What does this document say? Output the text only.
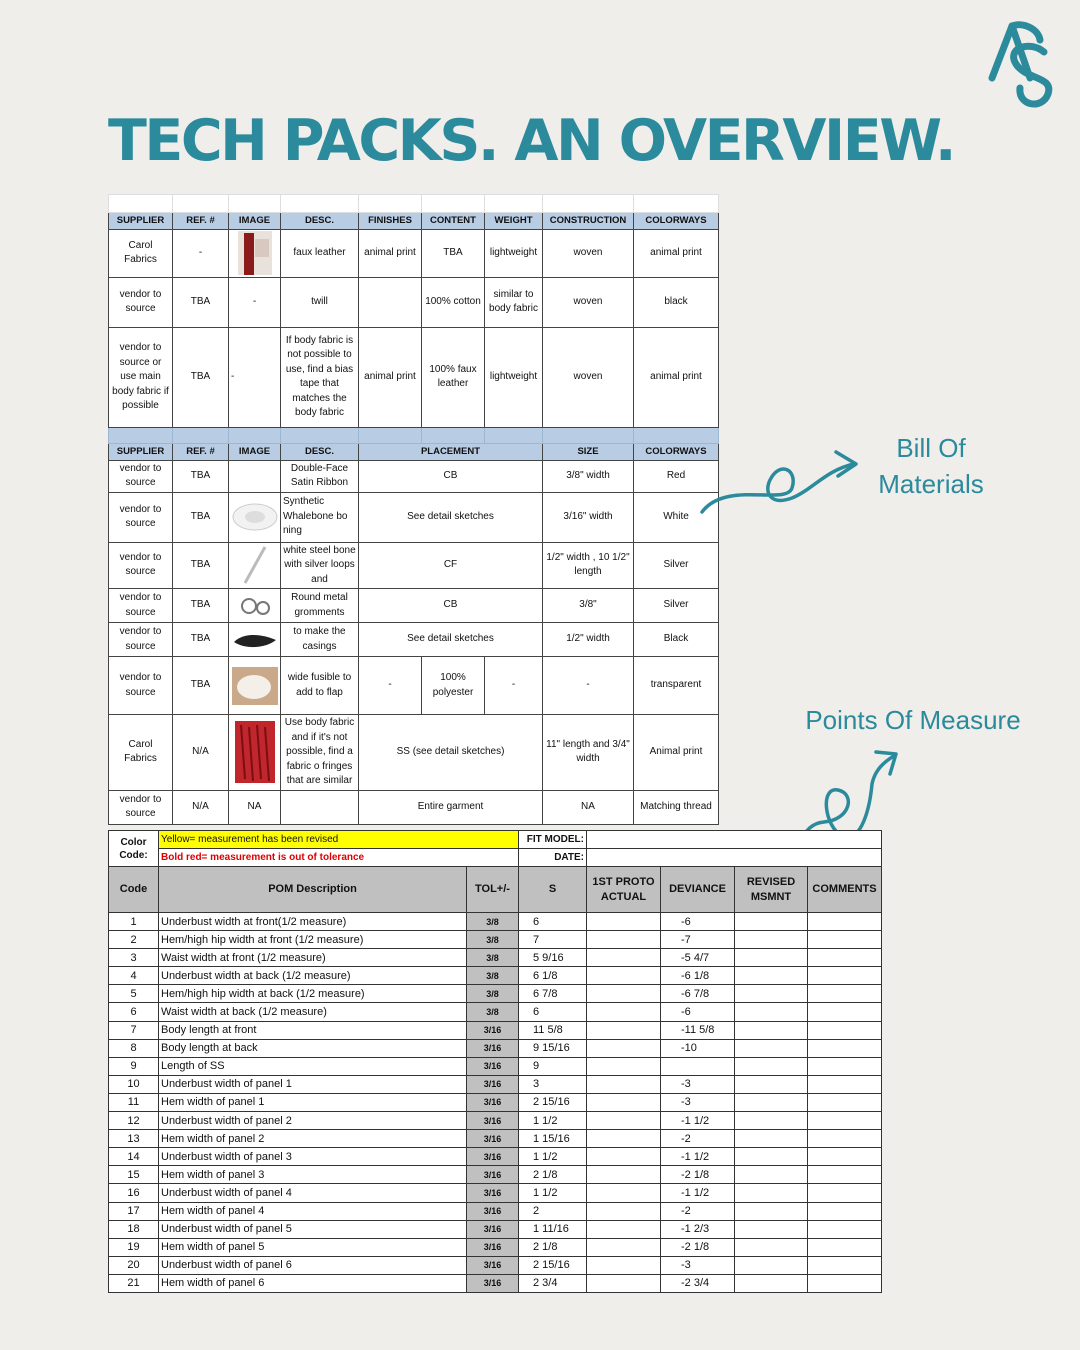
TECH PACKS. AN OVERVIEW.

SUPPLIER	REF. #	IMAGE	DESC.	FINISHES	CONTENT	WEIGHT	CONSTRUCTION	COLORWAYS
Carol Fabrics	-		faux leather	animal print	TBA	lightweight	woven	animal print
vendor to source	TBA	-	twill		100% cotton	similar to body fabric	woven	black
vendor to source or use main body fabric if possible	TBA	-	If body fabric is not possible to use, find a bias tape that matches the body fabric	animal print	100% faux leather	lightweight	woven	animal print

SUPPLIER	REF. #	IMAGE	DESC.	PLACEMENT			SIZE	COLORWAYS
vendor to source	TBA		Double-Face Satin Ribbon	CB			3/8" width	Red
vendor to source	TBA		Synthetic Whalebone bo ning	See detail sketches			3/16" width	White
vendor to source	TBA		white steel bone with silver loops and	CF			1/2" width , 10 1/2" length	Silver
vendor to source	TBA		Round metal gromments	CB			3/8"	Silver
vendor to source	TBA		to make the casings	See detail sketches			1/2" width	Black
vendor to source	TBA		wide fusible to add to flap	-	100% polyester	-	-	transparent
Carol Fabrics	N/A		Use body fabric and if it's not possible, find a fabric o fringes that are similar	SS (see detail sketches)			11" length and 3/4" width	Animal print
vendor to source	N/A	NA		Entire garment			NA	Matching thread
Bill Of
Materials
Points Of Measure
Color Code:	Yellow= measurement has been revised		FIT MODEL:				
	Bold red= measurement is out of tolerance		DATE:				
Code	POM Description	TOL+/-	S	1ST PROTO ACTUAL	DEVIANCE	REVISED MSMNT	COMMENTS
1	Underbust width at front(1/2 measure)	3/8	6		-6		
2	Hem/high hip width at front (1/2 measure)	3/8	7		-7		
3	Waist width at front (1/2 measure)	3/8	5 9/16		-5 4/7		
4	Underbust width at back (1/2 measure)	3/8	6 1/8		-6 1/8		
5	Hem/high hip width at back (1/2 measure)	3/8	6 7/8		-6 7/8		
6	Waist width at back (1/2 measure)	3/8	6		-6		
7	Body length at front	3/16	11 5/8		-11 5/8		
8	Body length at back	3/16	9 15/16		-10		
9	Length of SS	3/16	9				
10	Underbust width of panel 1	3/16	3		-3		
11	Hem width of panel 1	3/16	2 15/16		-3		
12	Underbust width of panel 2	3/16	1 1/2		-1 1/2		
13	Hem width of panel 2	3/16	1 15/16		-2		
14	Underbust width of panel 3	3/16	1 1/2		-1 1/2		
15	Hem width of panel 3	3/16	2 1/8		-2 1/8		
16	Underbust width of panel 4	3/16	1 1/2		-1 1/2		
17	Hem width of panel 4	3/16	2		-2		
18	Underbust width of panel 5	3/16	1 11/16		-1 2/3		
19	Hem width of panel 5	3/16	2 1/8		-2 1/8		
20	Underbust width of panel 6	3/16	2 15/16		-3		
21	Hem width of panel 6	3/16	2 3/4		-2 3/4		
